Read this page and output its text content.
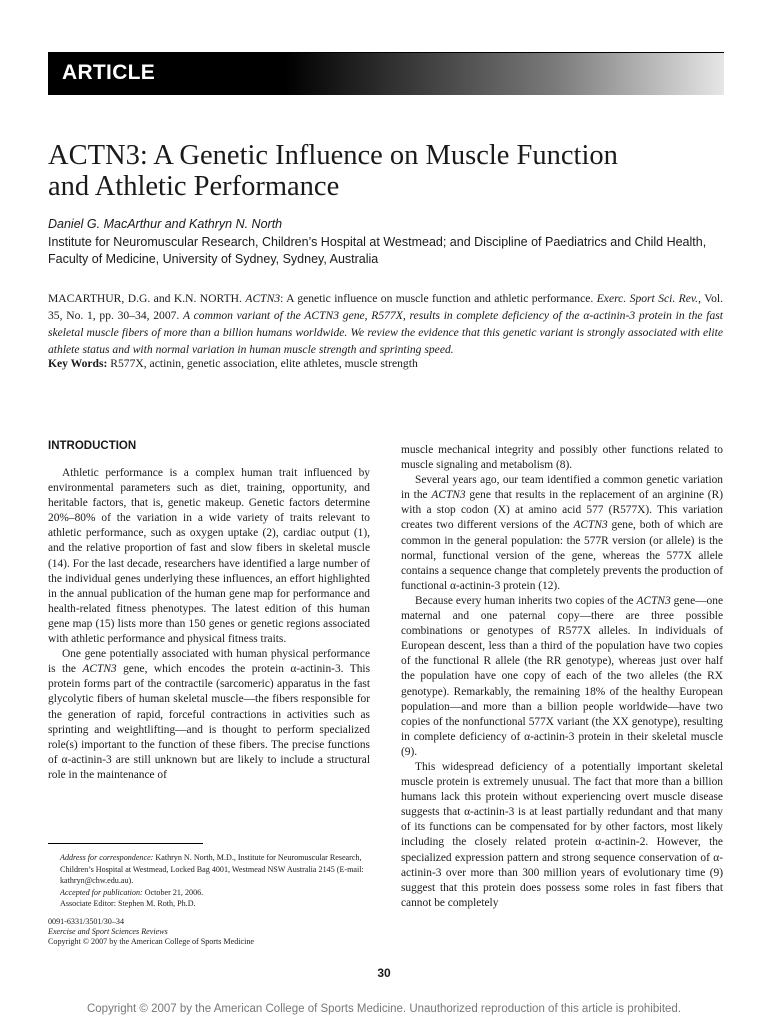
ARTICLE
ACTN3: A Genetic Influence on Muscle Function
and Athletic Performance
Daniel G. MacArthur and Kathryn N. North
Institute for Neuromuscular Research, Children’s Hospital at Westmead; and Discipline of Paediatrics and Child Health, Faculty of Medicine, University of Sydney, Sydney, Australia
MACARTHUR, D.G. and K.N. NORTH. ACTN3: A genetic influence on muscle function and athletic performance. Exerc. Sport Sci. Rev., Vol. 35, No. 1, pp. 30–34, 2007. A common variant of the ACTN3 gene, R577X, results in complete deficiency of the α-actinin-3 protein in the fast skeletal muscle fibers of more than a billion humans worldwide. We review the evidence that this genetic variant is strongly associated with elite athlete status and with normal variation in human muscle strength and sprinting speed.
Key Words: R577X, actinin, genetic association, elite athletes, muscle strength
INTRODUCTION

Athletic performance is a complex human trait influenced by environmental parameters such as diet, training, opportunity, and heritable factors, that is, genetic makeup. Genetic factors determine 20%–80% of the variation in a wide variety of traits relevant to athletic performance, such as oxygen uptake (2), cardiac output (1), and the relative proportion of fast and slow fibers in skeletal muscle (14). For the last decade, researchers have identified a large number of the individual genes underlying these influences, an effort highlighted in the annual publication of the human gene map for performance and health-related fitness phenotypes. The latest edition of this human gene map (15) lists more than 150 genes or genetic regions associated with athletic performance and physical fitness traits.

One gene potentially associated with human physical performance is the ACTN3 gene, which encodes the protein α-actinin-3. This protein forms part of the contractile (sarcomeric) apparatus in the fast glycolytic fibers of human skeletal muscle—the fibers responsible for the generation of rapid, forceful contractions in activities such as sprinting and weightlifting—and is thought to perform specialized role(s) important to the function of these fibers. The precise functions of α-actinin-3 are still unknown but are likely to include a structural role in the maintenance of

Address for correspondence: Kathryn N. North, M.D., Institute for Neuromuscular Research, Children’s Hospital at Westmead, Locked Bag 4001, Westmead NSW Australia 2145 (E-mail: kathryn@chw.edu.au).
Accepted for publication: October 21, 2006.
Associate Editor: Stephen M. Roth, Ph.D.
0091-6331/3501/30–34
Exercise and Sport Sciences Reviews
Copyright © 2007 by the American College of Sports Medicine

muscle mechanical integrity and possibly other functions related to muscle signaling and metabolism (8).

Several years ago, our team identified a common genetic variation in the ACTN3 gene that results in the replacement of an arginine (R) with a stop codon (X) at amino acid 577 (R577X). This variation creates two different versions of the ACTN3 gene, both of which are common in the general population: the 577R version (or allele) is the normal, functional version of the gene, whereas the 577X allele contains a sequence change that completely prevents the production of functional α-actinin-3 protein (12).

Because every human inherits two copies of the ACTN3 gene—one maternal and one paternal copy—there are three possible combinations or genotypes of R577X alleles. In individuals of European descent, less than a third of the population have two copies of the functional R allele (the RR genotype), whereas just over half the population have one copy of each of the two alleles (the RX genotype). Remarkably, the remaining 18% of the healthy European population—and more than a billion people worldwide—have two copies of the nonfunctional 577X variant (the XX genotype), resulting in complete deficiency of α-actinin-3 protein in their skeletal muscle (9).

This widespread deficiency of a potentially important skeletal muscle protein is extremely unusual. The fact that more than a billion humans lack this protein without experiencing overt muscle disease suggests that α-actinin-3 is at least partially redundant and that many of its functions can be compensated for by other factors, most likely including the closely related protein α-actinin-2. However, the specialized expression pattern and strong sequence conservation of α-actinin-3 over more than 300 million years of evolutionary time (9) suggest that this protein does possess some roles in fast fibers that cannot be completely

30
Copyright © 2007 by the American College of Sports Medicine. Unauthorized reproduction of this article is prohibited.
